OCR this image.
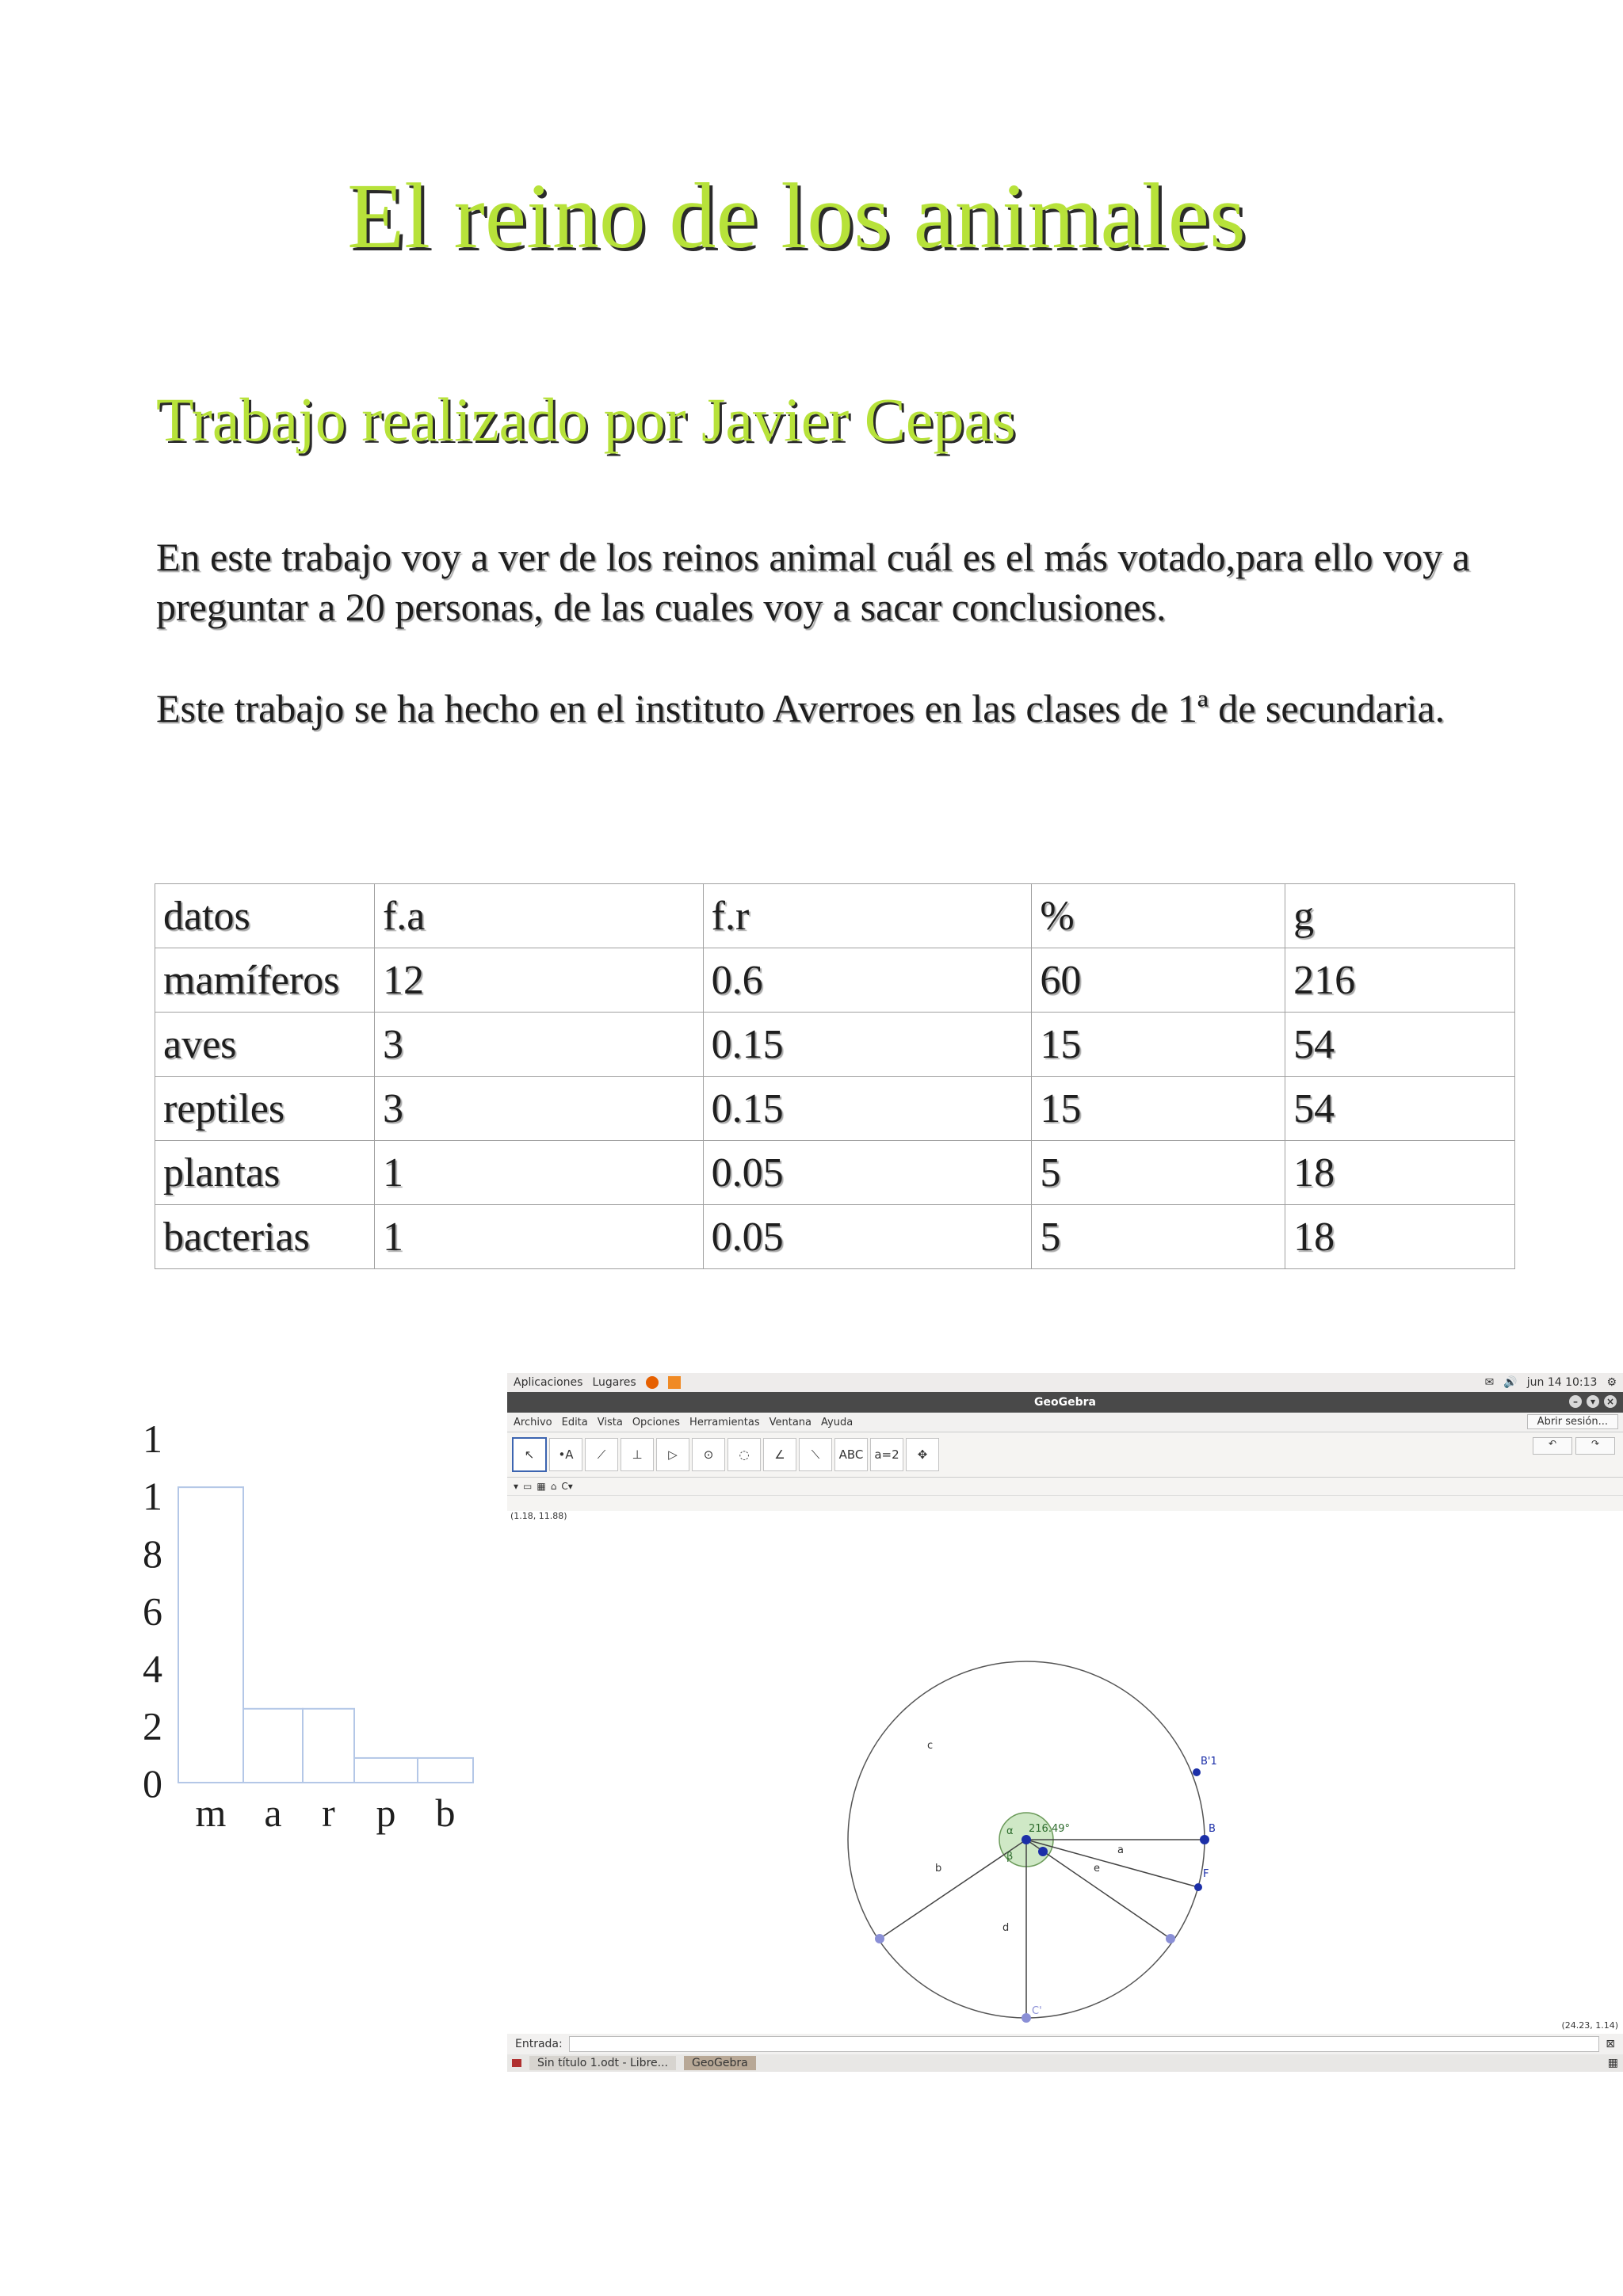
El reino de los animales
Trabajo realizado por Javier Cepas

En este trabajo voy a ver de los reinos animal cuál es el más votado,para ello voy a preguntar a 20 personas, de las cuales voy a sacar conclusiones.

Este trabajo se ha hecho en el instituto Averroes en las clases de 1ª de secundaria.

datos	f.a	f.r	%	g
mamíferos	12	0.6	60	216
aves	3	0.15	15	54
reptiles	3	0.15	15	54
plantas	1	0.05	5	18
bacterias	1	0.05	5	18
m a r p b
1
1
8
6
4
2
0
Aplicaciones Lugares	✉ 🔊 jun 14 10:13 ⚙
GeoGebra	–	▾	×
Archivo Edita Vista Opciones Herramientas Ventana Ayuda	Abrir sesión...
↖	•A	⟋	⊥	▷	⊙	◌	∠	⟍	ABC a=2	✥
↶	↷
▾ ▭ ▦ ⌂ C▾
(1.18, 11.88)
c
B'1
B
a
b
d
e	F
C'
α
β
216.49°
(24.23, 1.14)
Entrada:	⊠
Sin título 1.odt - Libre...	GeoGebra	▦
